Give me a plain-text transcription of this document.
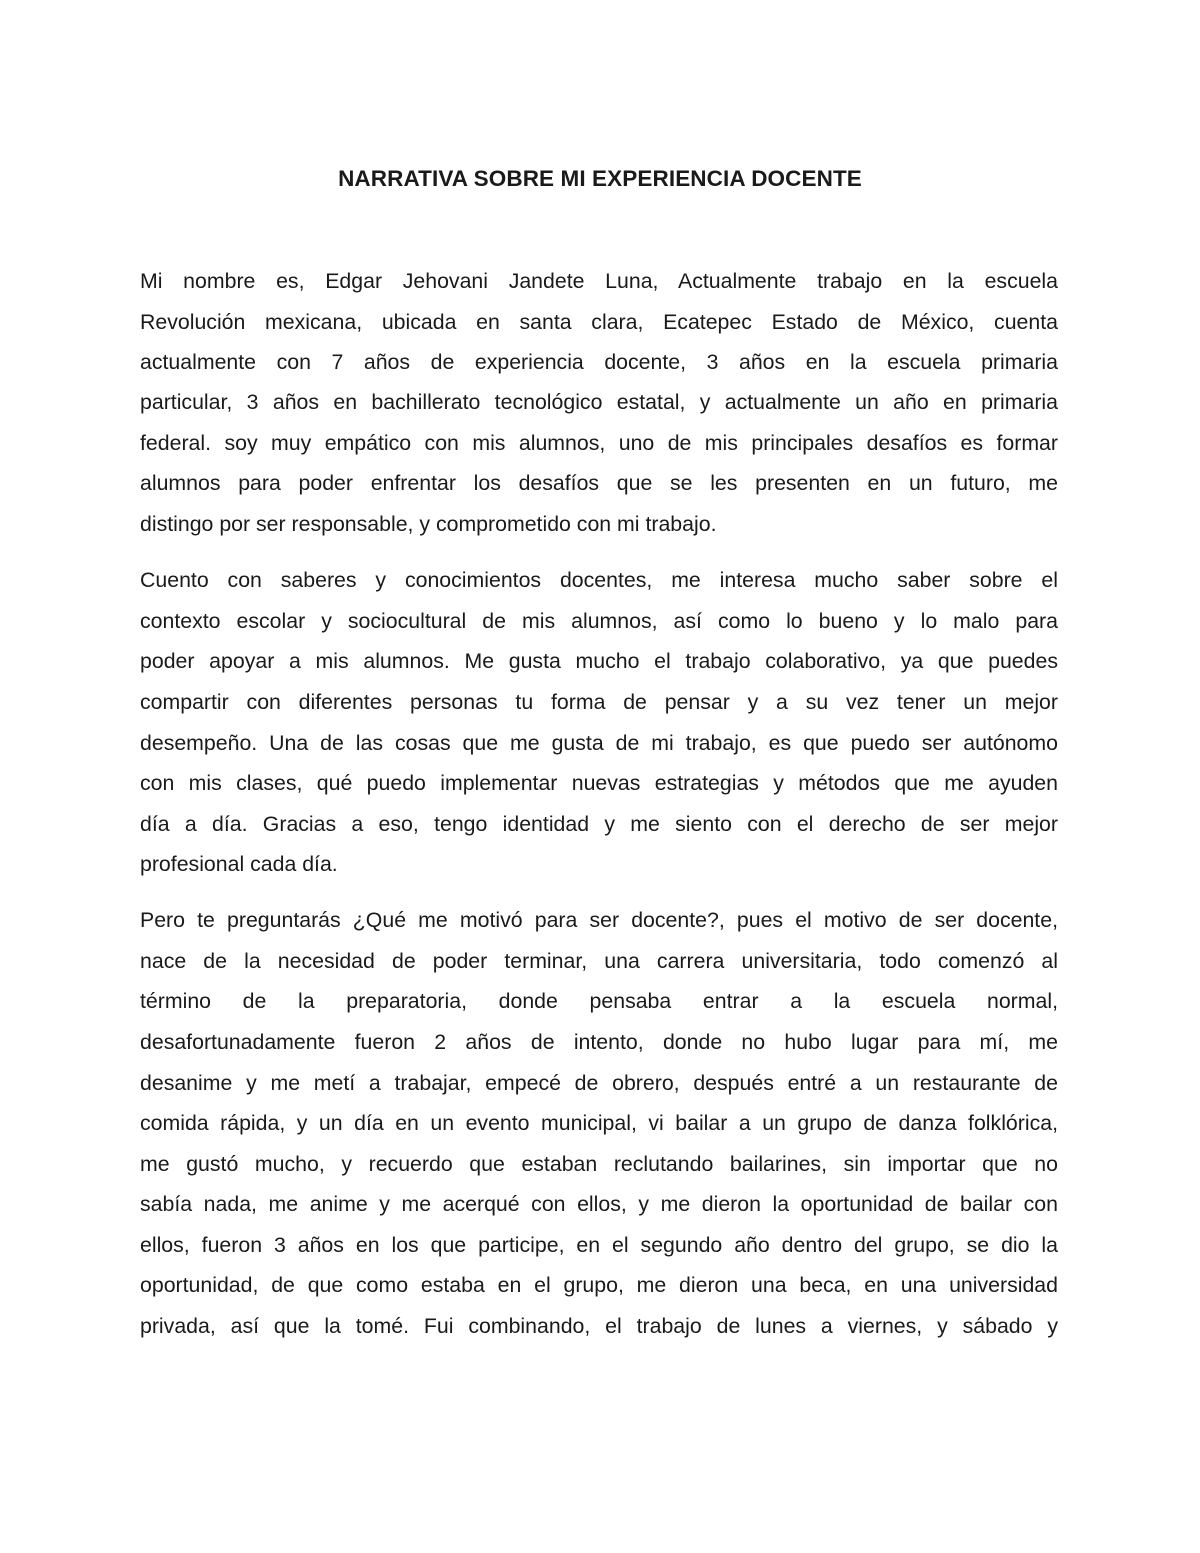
NARRATIVA SOBRE MI EXPERIENCIA DOCENTE
Mi nombre es, Edgar Jehovani Jandete Luna, Actualmente trabajo en la escuela
Revolución mexicana, ubicada en santa clara, Ecatepec Estado de México, cuenta
actualmente con 7 años de experiencia docente, 3 años en la escuela primaria
particular, 3 años en bachillerato tecnológico estatal, y actualmente un año en primaria
federal. soy muy empático con mis alumnos, uno de mis principales desafíos es formar
alumnos para poder enfrentar los desafíos que se les presenten en un futuro, me
distingo por ser responsable, y comprometido con mi trabajo.
Cuento con saberes y conocimientos docentes, me interesa mucho saber sobre el
contexto escolar y sociocultural de mis alumnos, así como lo bueno y lo malo para
poder apoyar a mis alumnos. Me gusta mucho el trabajo colaborativo, ya que puedes
compartir con diferentes personas tu forma de pensar y a su vez tener un mejor
desempeño. Una de las cosas que me gusta de mi trabajo, es que puedo ser autónomo
con mis clases, qué puedo implementar nuevas estrategias y métodos que me ayuden
día a día. Gracias a eso, tengo identidad y me siento con el derecho de ser mejor
profesional cada día.
Pero te preguntarás ¿Qué me motivó para ser docente?, pues el motivo de ser docente,
nace de la necesidad de poder terminar, una carrera universitaria, todo comenzó al
término de la preparatoria, donde pensaba entrar a la escuela normal,
desafortunadamente fueron 2 años de intento, donde no hubo lugar para mí, me
desanime y me metí a trabajar, empecé de obrero, después entré a un restaurante de
comida rápida, y un día en un evento municipal, vi bailar a un grupo de danza folklórica,
me gustó mucho, y recuerdo que estaban reclutando bailarines, sin importar que no
sabía nada, me anime y me acerqué con ellos, y me dieron la oportunidad de bailar con
ellos, fueron 3 años en los que participe, en el segundo año dentro del grupo, se dio la
oportunidad, de que como estaba en el grupo, me dieron una beca, en una universidad
privada, así que la tomé. Fui combinando, el trabajo de lunes a viernes, y sábado y
